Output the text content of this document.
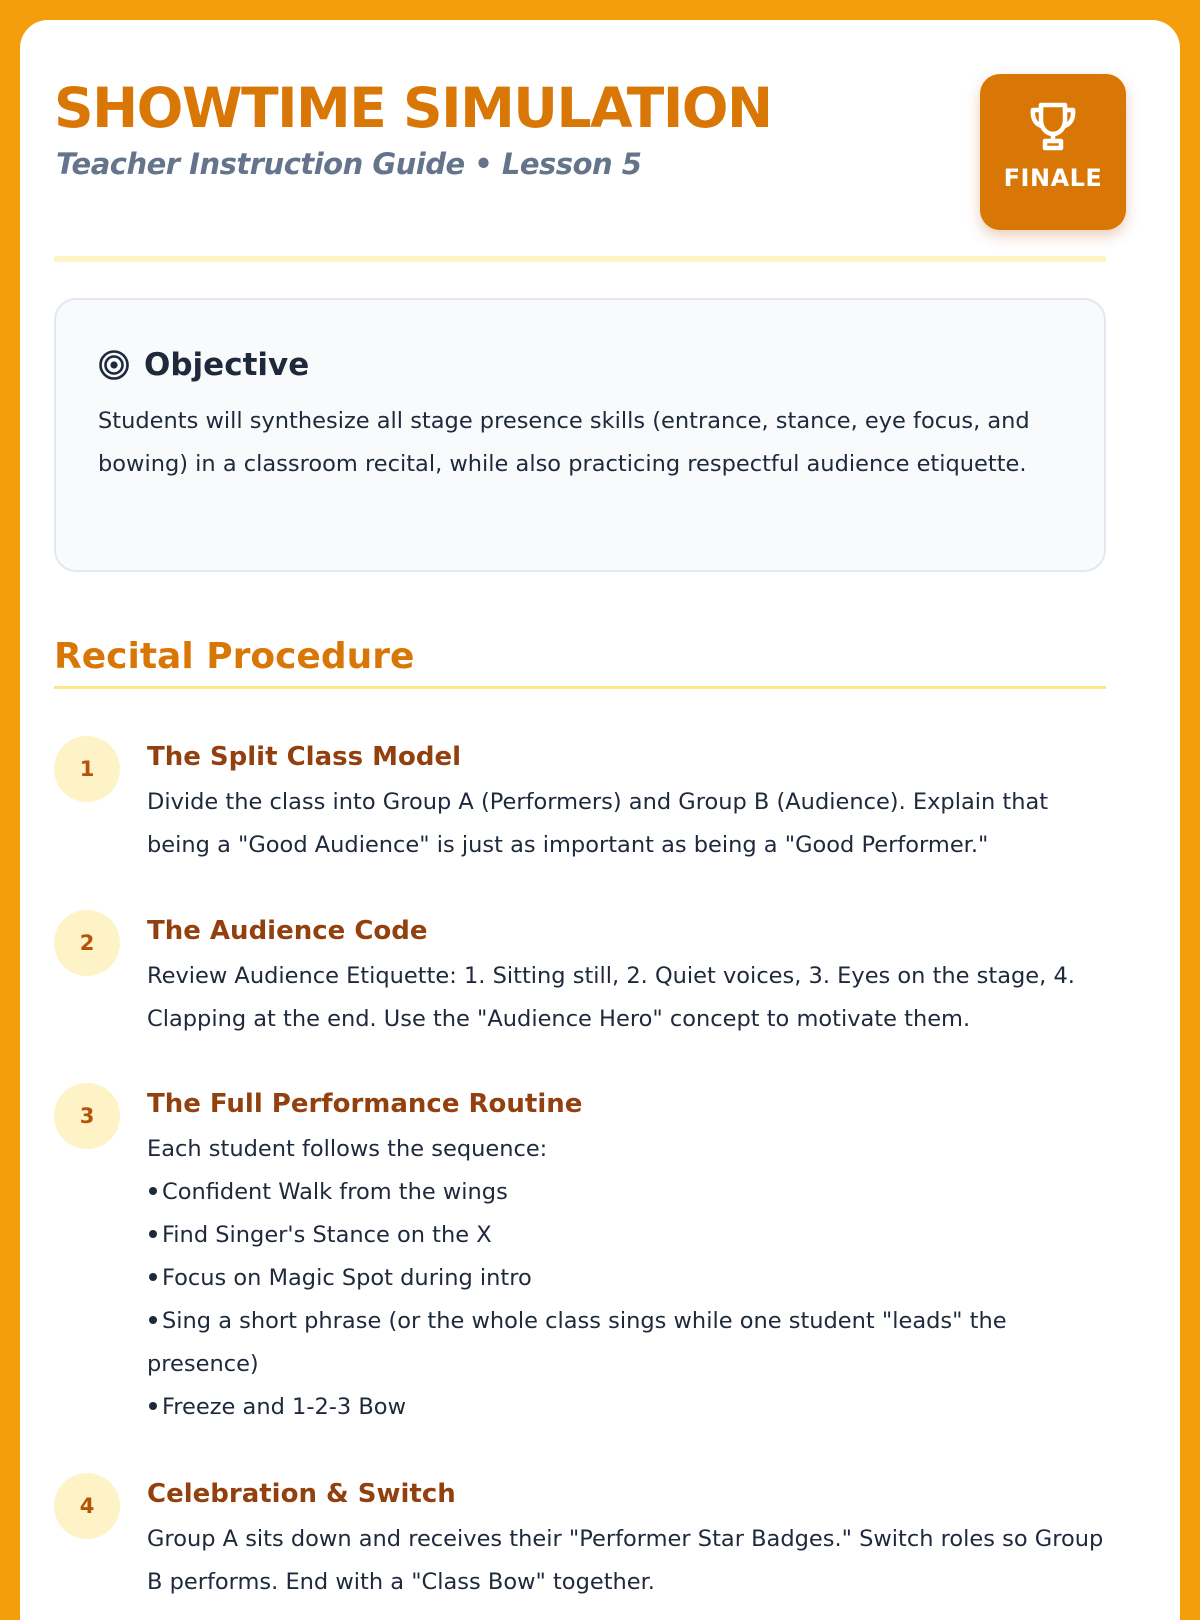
SHOWTIME SIMULATION

Teacher Instruction Guide • Lesson 5	FINALE
Objective

Students will synthesize all stage presence skills (entrance, stance, eye focus, and bowing) in a classroom recital, while also practicing respectful audience etiquette.

Recital Procedure
1	The Split Class Model

Divide the class into Group A (Performers) and Group B (Audience). Explain that being a "Good Audience" is just as important as being a "Good Performer."

2	The Audience Code

Review Audience Etiquette: 1. Sitting still, 2. Quiet voices, 3. Eyes on the stage, 4. Clapping at the end. Use the "Audience Hero" concept to motivate them.

3	The Full Performance Routine

Each student follows the sequence:

Confident Walk from the wings
Find Singer's Stance on the X
Focus on Magic Spot during intro
Sing a short phrase (or the whole class sings while one student "leads" the presence)
Freeze and 1-2-3 Bow
4	Celebration & Switch

Group A sits down and receives their "Performer Star Badges." Switch roles so Group B performs. End with a "Class Bow" together.
